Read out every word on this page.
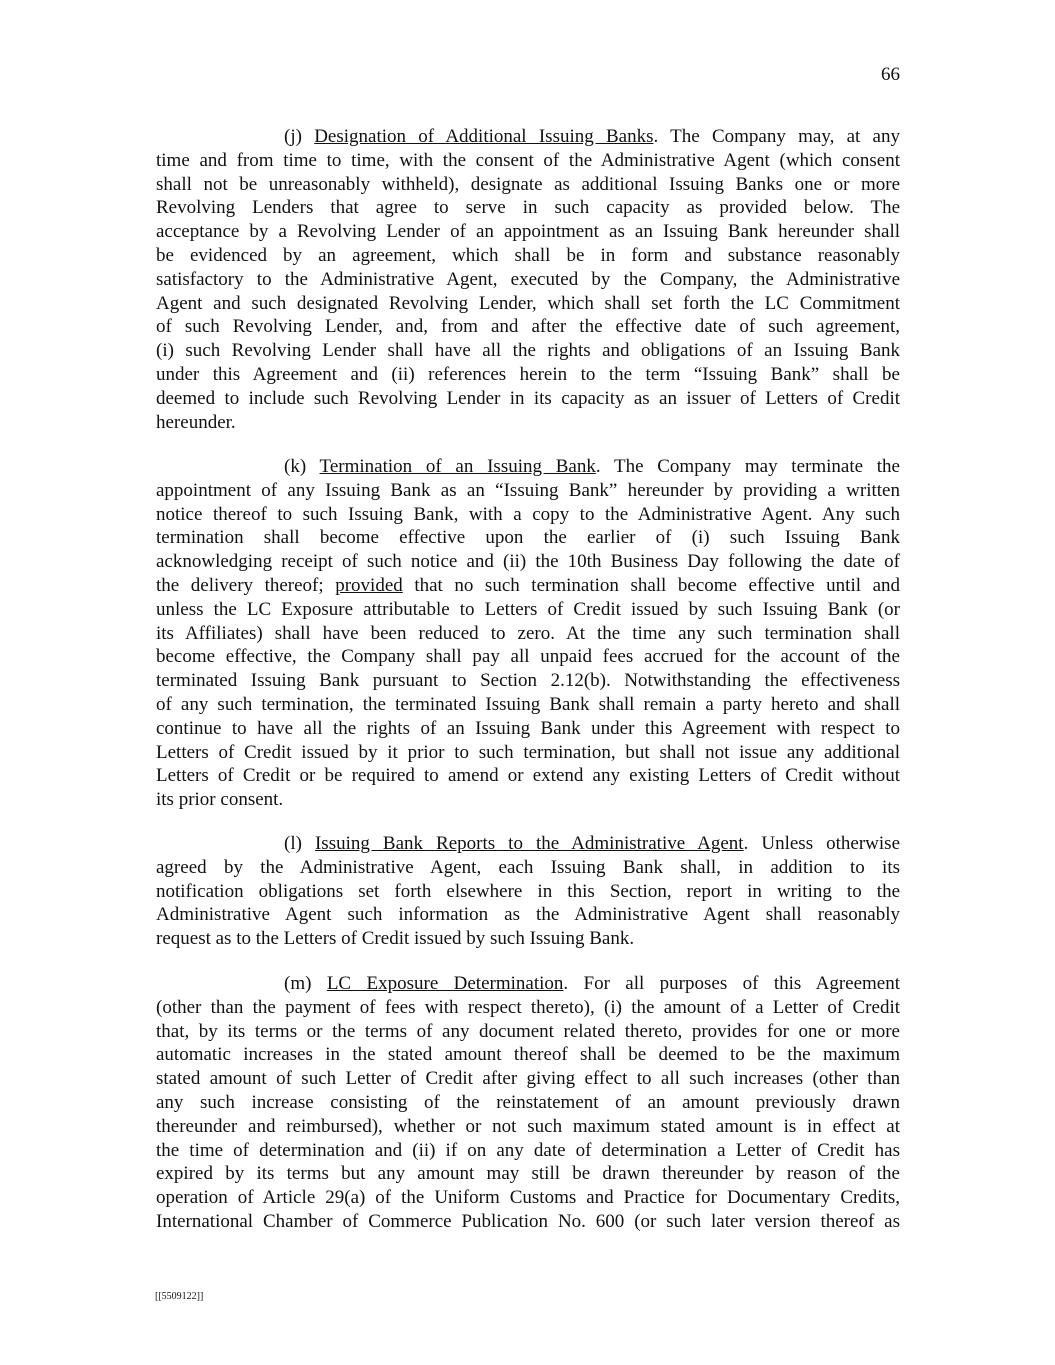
66
(j) Designation of Additional Issuing Banks. The Company may, at any
time and from time to time, with the consent of the Administrative Agent (which consent
shall not be unreasonably withheld), designate as additional Issuing Banks one or more
Revolving Lenders that agree to serve in such capacity as provided below. The
acceptance by a Revolving Lender of an appointment as an Issuing Bank hereunder shall
be evidenced by an agreement, which shall be in form and substance reasonably
satisfactory to the Administrative Agent, executed by the Company, the Administrative
Agent and such designated Revolving Lender, which shall set forth the LC Commitment
of such Revolving Lender, and, from and after the effective date of such agreement,
(i) such Revolving Lender shall have all the rights and obligations of an Issuing Bank
under this Agreement and (ii) references herein to the term “Issuing Bank” shall be
deemed to include such Revolving Lender in its capacity as an issuer of Letters of Credit
hereunder.
(k) Termination of an Issuing Bank. The Company may terminate the
appointment of any Issuing Bank as an “Issuing Bank” hereunder by providing a written
notice thereof to such Issuing Bank, with a copy to the Administrative Agent. Any such
termination shall become effective upon the earlier of (i) such Issuing Bank
acknowledging receipt of such notice and (ii) the 10th Business Day following the date of
the delivery thereof; provided that no such termination shall become effective until and
unless the LC Exposure attributable to Letters of Credit issued by such Issuing Bank (or
its Affiliates) shall have been reduced to zero. At the time any such termination shall
become effective, the Company shall pay all unpaid fees accrued for the account of the
terminated Issuing Bank pursuant to Section 2.12(b). Notwithstanding the effectiveness
of any such termination, the terminated Issuing Bank shall remain a party hereto and shall
continue to have all the rights of an Issuing Bank under this Agreement with respect to
Letters of Credit issued by it prior to such termination, but shall not issue any additional
Letters of Credit or be required to amend or extend any existing Letters of Credit without
its prior consent.
(l) Issuing Bank Reports to the Administrative Agent. Unless otherwise
agreed by the Administrative Agent, each Issuing Bank shall, in addition to its
notification obligations set forth elsewhere in this Section, report in writing to the
Administrative Agent such information as the Administrative Agent shall reasonably
request as to the Letters of Credit issued by such Issuing Bank.
(m) LC Exposure Determination. For all purposes of this Agreement
(other than the payment of fees with respect thereto), (i) the amount of a Letter of Credit
that, by its terms or the terms of any document related thereto, provides for one or more
automatic increases in the stated amount thereof shall be deemed to be the maximum
stated amount of such Letter of Credit after giving effect to all such increases (other than
any such increase consisting of the reinstatement of an amount previously drawn
thereunder and reimbursed), whether or not such maximum stated amount is in effect at
the time of determination and (ii) if on any date of determination a Letter of Credit has
expired by its terms but any amount may still be drawn thereunder by reason of the
operation of Article 29(a) of the Uniform Customs and Practice for Documentary Credits,
International Chamber of Commerce Publication No. 600 (or such later version thereof as
[[5509122]]
